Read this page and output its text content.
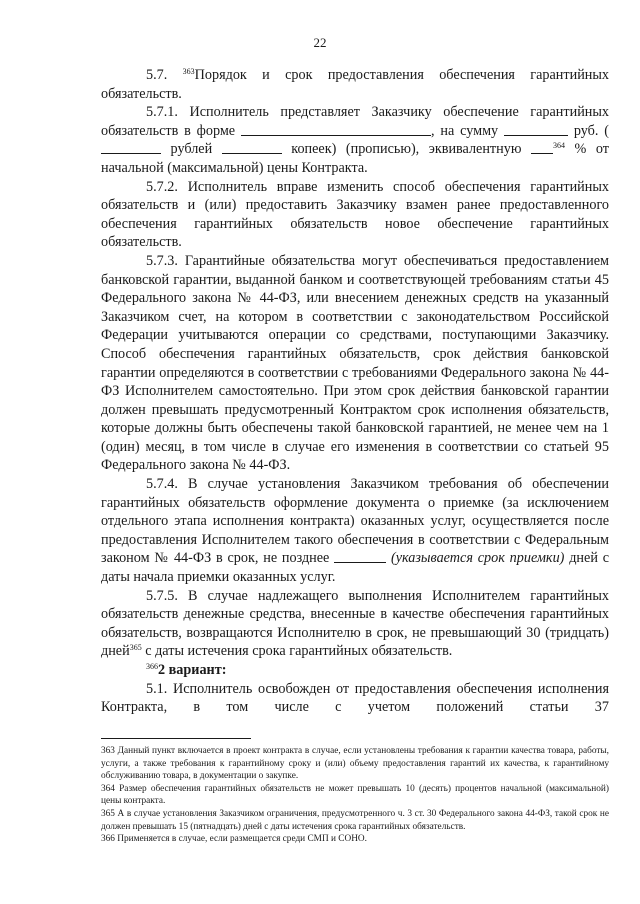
22

5.7. $^{363}$Порядок и срок предоставления обеспечения гарантийных обязательств.

5.7.1. Исполнитель представляет Заказчику обеспечение гарантийных обязательств в форме	, на сумму	руб. ( рублей	копеек) (прописью), эквивалентную	$^{364}$ % от начальной (максимальной) цены Контракта.

5.7.2. Исполнитель вправе изменить способ обеспечения гарантийных обязательств и (или) предоставить Заказчику взамен ранее предоставленного обеспечения гарантийных обязательств новое обеспечение гарантийных обязательств.

5.7.3. Гарантийные обязательства могут обеспечиваться предоставлением банковской гарантии, выданной банком и соответствующей требованиям статьи 45 Федерального закона № 44-ФЗ, или внесением денежных средств на указанный Заказчиком счет, на котором в соответствии с законодательством Российской Федерации учитываются операции со средствами, поступающими Заказчику. Способ обеспечения гарантийных обязательств, срок действия банковской гарантии определяются в соответствии с требованиями Федерального закона № 44-ФЗ Исполнителем самостоятельно. При этом срок действия банковской гарантии должен превышать предусмотренный Контрактом срок исполнения обязательств, которые должны быть обеспечены такой банковской гарантией, не менее чем на 1 (один) месяц, в том числе в случае его изменения в соответствии со статьей 95 Федерального закона № 44-ФЗ.

5.7.4. В случае установления Заказчиком требования об обеспечении гарантийных обязательств оформление документа о приемке (за исключением отдельного этапа исполнения контракта) оказанных услуг, осуществляется после предоставления Исполнителем такого обеспечения в соответствии с Федеральным законом № 44-ФЗ в срок, не позднее	(указывается срок приемки) дней с даты начала приемки оказанных услуг.

5.7.5. В случае надлежащего выполнения Исполнителем гарантийных обязательств денежные средства, внесенные в качестве обеспечения гарантийных обязательств, возвращаются Исполнителю в срок, не превышающий 30 (тридцать) дней$^{365}$ с даты истечения срока гарантийных обязательств.

$^{366}$2 вариант:

5.1. Исполнитель освобожден от предоставления обеспечения исполнения Контракта, в том числе с учетом положений статьи 37

363 Данный пункт включается в проект контракта в случае, если установлены требования к гарантии качества товара, работы, услуги, а также требования к гарантийному сроку и (или) объему предоставления гарантий их качества, к гарантийному обслуживанию товара, в документации о закупке.

364 Размер обеспечения гарантийных обязательств не может превышать 10 (десять) процентов начальной (максимальной) цены контракта.

365 А в случае установления Заказчиком ограничения, предусмотренного ч. 3 ст. 30 Федерального закона 44-ФЗ, такой срок не должен превышать 15 (пятнадцать) дней с даты истечения срока гарантийных обязательств.

366 Применяется в случае, если размещается среди СМП и СОНО.
